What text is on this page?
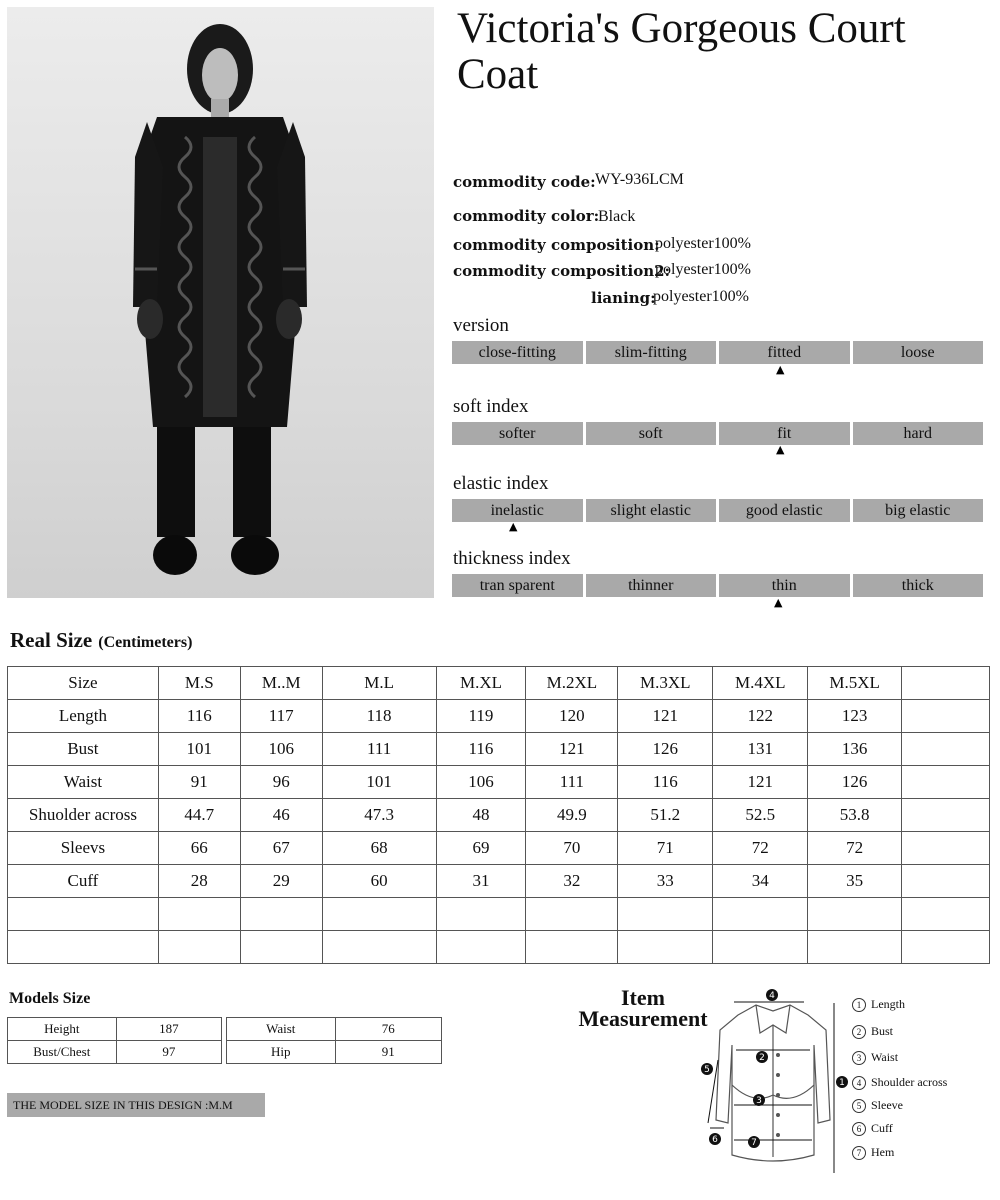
Victoria's Gorgeous Court Coat
commodity code: WY-936LCM
commodity color:
Black
commodity composition:
polyester100%
commodity composition2:
polyester100%
lianing:
polyester100%
version
close-fitting	slim-fitting	fitted	loose
▲
soft index
softer	soft	fit	hard
▲
elastic index
inelastic	slight elastic	good elastic	big elastic
▲
thickness index
tran sparent	thinner	thin	thick
▲
Real Size (Centimeters)
Size	M.S	M..M	M.L	M.XL	M.2XL	M.3XL	M.4XL	M.5XL	
Length	116	117	118	119	120	121	122	123	
Bust	101	106	111	116	121	126	131	136	
Waist	91	96	101	106	111	116	121	126	
Shuolder across	44.7	46	47.3	48	49.9	51.2	52.5	53.8	
Sleevs	66	67	68	69	70	71	72	72	
Cuff	28	29	60	31	32	33	34	35	

Models Size
Height	187
Bust/Chest	97
Waist	76
Hip	91
THE MODEL SIZE IN THIS DESIGN :M.M
Item
Measurement
4
2
3
7
1
5
6
1 Length
2 Bust
3 Waist
4 Shoulder across
5 Sleeve
6 Cuff
7 Hem
